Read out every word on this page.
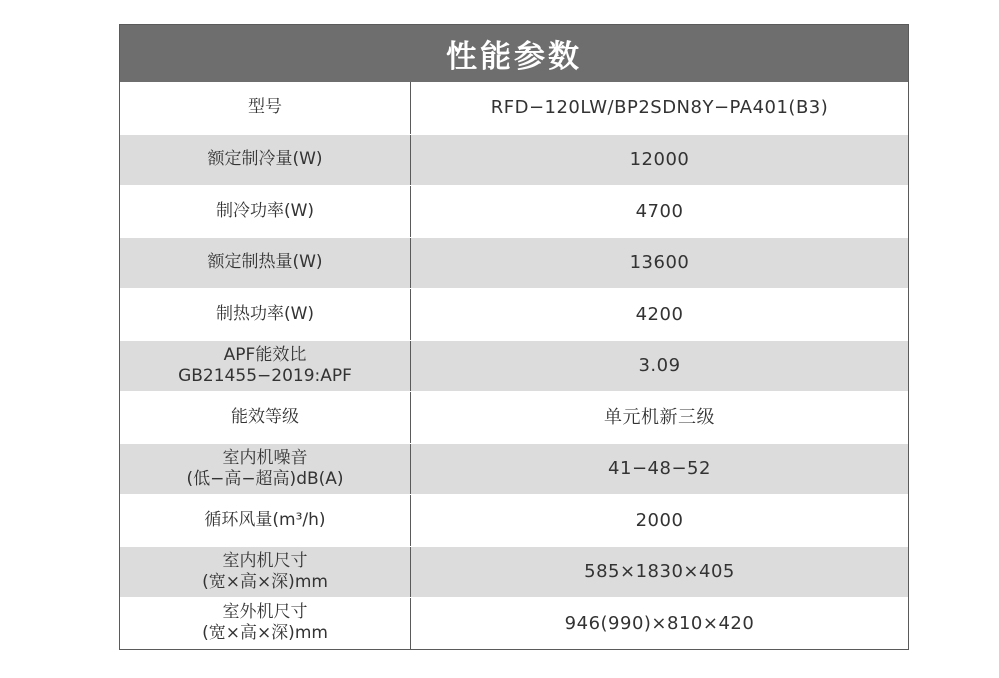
性能参数
型号	RFD−120LW/BP2SDN8Y−PA401(B3)
额定制冷量(W)	12000
制冷功率(W)	4700
额定制热量(W)	13600
制热功率(W)	4200
APF能效比
GB21455−2019:APF	3.09
能效等级	单元机新三级
室内机噪音
(低−高−超高)dB(A)	41−48−52
循环风量(m³/h)	2000
室内机尺寸
(宽×高×深)mm	585×1830×405
室外机尺寸
(宽×高×深)mm	946(990)×810×420
